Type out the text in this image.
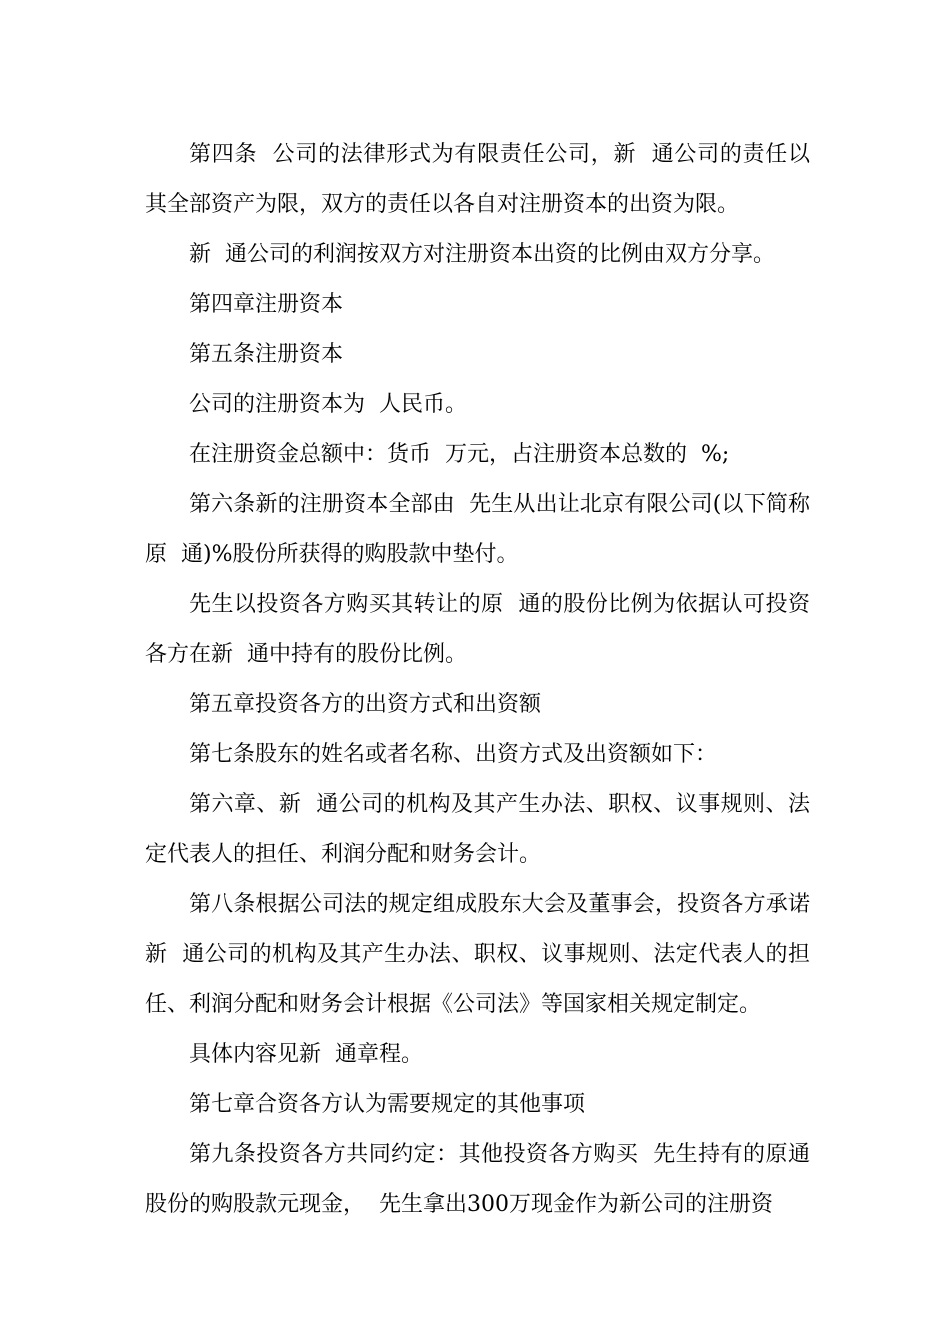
第四条  公司的法律形式为有限责任公司，新  通公司的责任以其全部资产为限，双方的责任以各自对注册资本的出资为限。

新  通公司的利润按双方对注册资本出资的比例由双方分享。

第四章注册资本

第五条注册资本

公司的注册资本为  人民币。

在注册资金总额中：货币  万元，占注册资本总数的  %;

第六条新的注册资本全部由  先生从出让北京有限公司(以下简称原  通)%股份所获得的购股款中垫付。

先生以投资各方购买其转让的原  通的股份比例为依据认可投资各方在新  通中持有的股份比例。

第五章投资各方的出资方式和出资额

第七条股东的姓名或者名称、出资方式及出资额如下：

第六章、新  通公司的机构及其产生办法、职权、议事规则、法定代表人的担任、利润分配和财务会计。

第八条根据公司法的规定组成股东大会及董事会，投资各方承诺新  通公司的机构及其产生办法、职权、议事规则、法定代表人的担任、利润分配和财务会计根据《公司法》等国家相关规定制定。

具体内容见新  通章程。

第七章合资各方认为需要规定的其他事项

第九条投资各方共同约定：其他投资各方购买  先生持有的原通股份的购股款元现金，  先生拿出300万现金作为新公司的注册资
